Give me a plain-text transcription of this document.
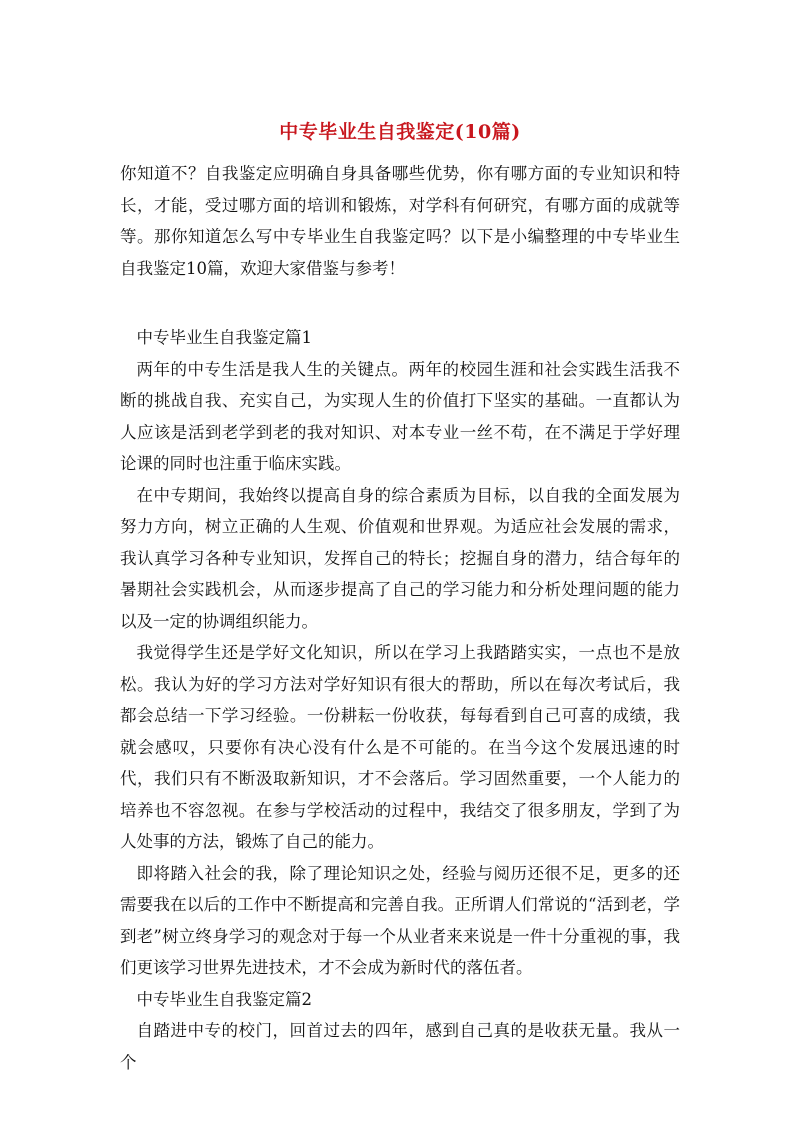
中专毕业生自我鉴定(10篇)

你知道不？自我鉴定应明确自身具备哪些优势，你有哪方面的专业知识和特长，才能，受过哪方面的培训和锻炼，对学科有何研究，有哪方面的成就等等。那你知道怎么写中专毕业生自我鉴定吗？以下是小编整理的中专毕业生自我鉴定10篇，欢迎大家借鉴与参考！

中专毕业生自我鉴定篇1

两年的中专生活是我人生的关键点。两年的校园生涯和社会实践生活我不断的挑战自我、充实自己，为实现人生的价值打下坚实的基础。一直都认为人应该是活到老学到老的我对知识、对本专业一丝不苟，在不满足于学好理论课的同时也注重于临床实践。

在中专期间，我始终以提高自身的综合素质为目标，以自我的全面发展为努力方向，树立正确的人生观、价值观和世界观。为适应社会发展的需求，我认真学习各种专业知识，发挥自己的特长；挖掘自身的潜力，结合每年的暑期社会实践机会，从而逐步提高了自己的学习能力和分析处理问题的能力以及一定的协调组织能力。

我觉得学生还是学好文化知识，所以在学习上我踏踏实实，一点也不是放松。我认为好的学习方法对学好知识有很大的帮助，所以在每次考试后，我都会总结一下学习经验。一份耕耘一份收获，每每看到自己可喜的成绩，我就会感叹，只要你有决心没有什么是不可能的。在当今这个发展迅速的时代，我们只有不断汲取新知识，才不会落后。学习固然重要，一个人能力的培养也不容忽视。在参与学校活动的过程中，我结交了很多朋友，学到了为人处事的方法，锻炼了自己的能力。

即将踏入社会的我，除了理论知识之处，经验与阅历还很不足，更多的还需要我在以后的工作中不断提高和完善自我。正所谓人们常说的“活到老，学到老”树立终身学习的观念对于每一个从业者来来说是一件十分重视的事，我们更该学习世界先进技术，才不会成为新时代的落伍者。

中专毕业生自我鉴定篇2

自踏进中专的校门，回首过去的四年，感到自己真的是收获无量。我从一个
